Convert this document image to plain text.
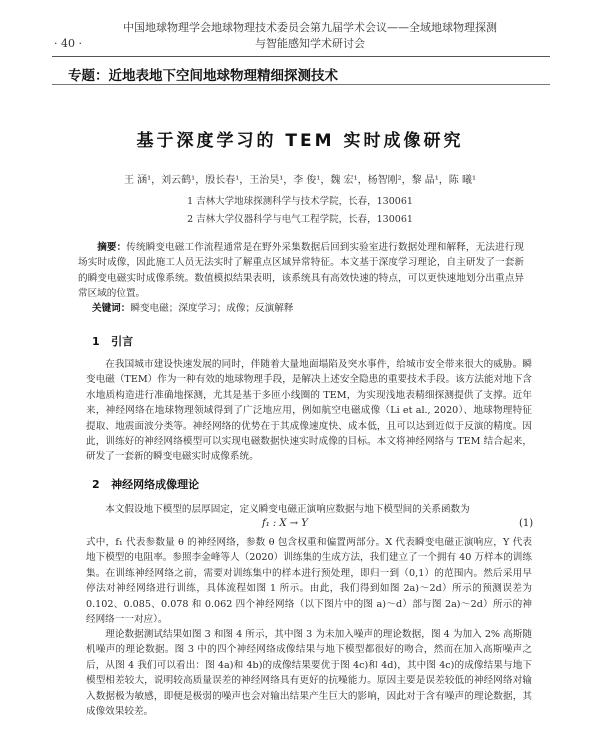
中国地球物理学会地球物理技术委员会第九届学术会议——全域地球物理探测
与智能感知学术研讨会
· 40 ·
专题：近地表地下空间地球物理精细探测技术
基于深度学习的 TEM 实时成像研究
王 涵¹，刘云鹤¹，殷长春¹，王治昊¹，李 俊¹，魏 宏¹，杨智刚²，黎 晶¹，陈 曦¹
1 吉林大学地球探测科学与技术学院，长春，130061
2 吉林大学仪器科学与电气工程学院，长春，130061

摘要：传统瞬变电磁工作流程通常是在野外采集数据后回到实验室进行数据处理和解释，无法进行现场实时成像，因此施工人员无法实时了解重点区域异常特征。本文基于深度学习理论，自主研发了一套新的瞬变电磁实时成像系统。数值模拟结果表明，该系统具有高效快速的特点，可以更快速地划分出重点异常区域的位置。

关键词：瞬变电磁；深度学习；成像；反演解释
1 引言

在我国城市建设快速发展的同时，伴随着大量地面塌陷及突水事件，给城市安全带来很大的威胁。瞬变电磁（TEM）作为一种有效的地球物理手段，是解决上述安全隐患的重要技术手段。该方法能对地下含水地质构造进行准确地探测，尤其是基于多匝小线圈的 TEM，为实现浅地表精细探测提供了支撑。近年来，神经网络在地球物理领域得到了广泛地应用，例如航空电磁成像（Li et al., 2020）、地球物理特征提取、地震面波分类等。神经网络的优势在于其成像速度快、成本低，且可以达到近似于反演的精度。因此，训练好的神经网络模型可以实现电磁数据快速实时成像的目标。本文将神经网络与 TEM 结合起来，研发了一套新的瞬变电磁实时成像系统。

2 神经网络成像理论

本文假设地下模型的层厚固定，定义瞬变电磁正演响应数据与地下模型间的关系函数为

f₁ : X → Y	(1)

式中，f₁ 代表参数量 θ 的神经网络，参数 θ 包含权重和偏置两部分。X 代表瞬变电磁正演响应，Y 代表地下模型的电阻率。参照李金峰等人（2020）训练集的生成方法，我们建立了一个拥有 40 万样本的训练集。在训练神经网络之前，需要对训练集中的样本进行预处理，即归一到（0,1）的范围内。然后采用早停法对神经网络进行训练，具体流程如图 1 所示。由此，我们得到如图 2a)～2d）所示的预测误差为 0.102、0.085、0.078 和 0.062 四个神经网络（以下图片中的图 a)～d）部与图 2a)～2d）所示的神经网络一一对应）。

理论数据测试结果如图 3 和图 4 所示，其中图 3 为未加入噪声的理论数据，图 4 为加入 2% 高斯随机噪声的理论数据。图 3 中的四个神经网络成像结果与地下模型都很好的吻合，然而在加入高斯噪声之后，从图 4 我们可以看出：图 4a)和 4b)的成像结果要优于图 4c)和 4d)，其中图 4c)的成像结果与地下模型相差较大，说明较高质量误差的神经网络具有更好的抗噪能力。原因主要是误差较低的神经网络对输入数据极为敏感，即便是极弱的噪声也会对输出结果产生巨大的影响，因此对于含有噪声的理论数据，其成像效果较差。
